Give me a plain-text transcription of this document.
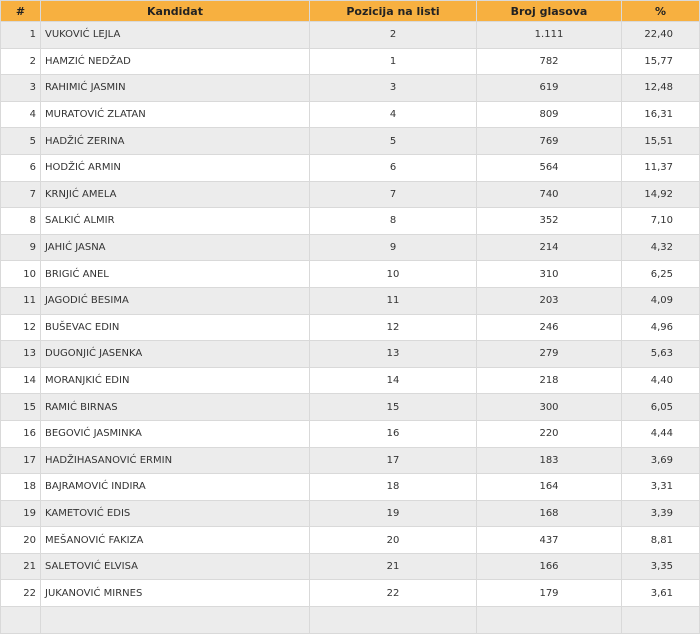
#	Kandidat	Pozicija na listi	Broj glasova	%
1	VUKOVIĆ LEJLA	2	1.111	22,40
2	HAMZIĆ NEDŽAD	1	782	15,77
3	RAHIMIĆ JASMIN	3	619	12,48
4	MURATOVIĆ ZLATAN	4	809	16,31
5	HADŽIĆ ZERINA	5	769	15,51
6	HODŽIĆ ARMIN	6	564	11,37
7	KRNJIĆ AMELA	7	740	14,92
8	SALKIĆ ALMIR	8	352	7,10
9	JAHIĆ JASNA	9	214	4,32
10	BRIGIĆ ANEL	10	310	6,25
11	JAGODIĆ BESIMA	11	203	4,09
12	BUŠEVAC EDIN	12	246	4,96
13	DUGONJIĆ JASENKA	13	279	5,63
14	MORANJKIĆ EDIN	14	218	4,40
15	RAMIĆ BIRNAS	15	300	6,05
16	BEGOVIĆ JASMINKA	16	220	4,44
17	HADŽIHASANOVIĆ ERMIN	17	183	3,69
18	BAJRAMOVIĆ INDIRA	18	164	3,31
19	KAMETOVIĆ EDIS	19	168	3,39
20	MEŠANOVIĆ FAKIZA	20	437	8,81
21	SALETOVIĆ ELVISA	21	166	3,35
22	JUKANOVIĆ MIRNES	22	179	3,61
